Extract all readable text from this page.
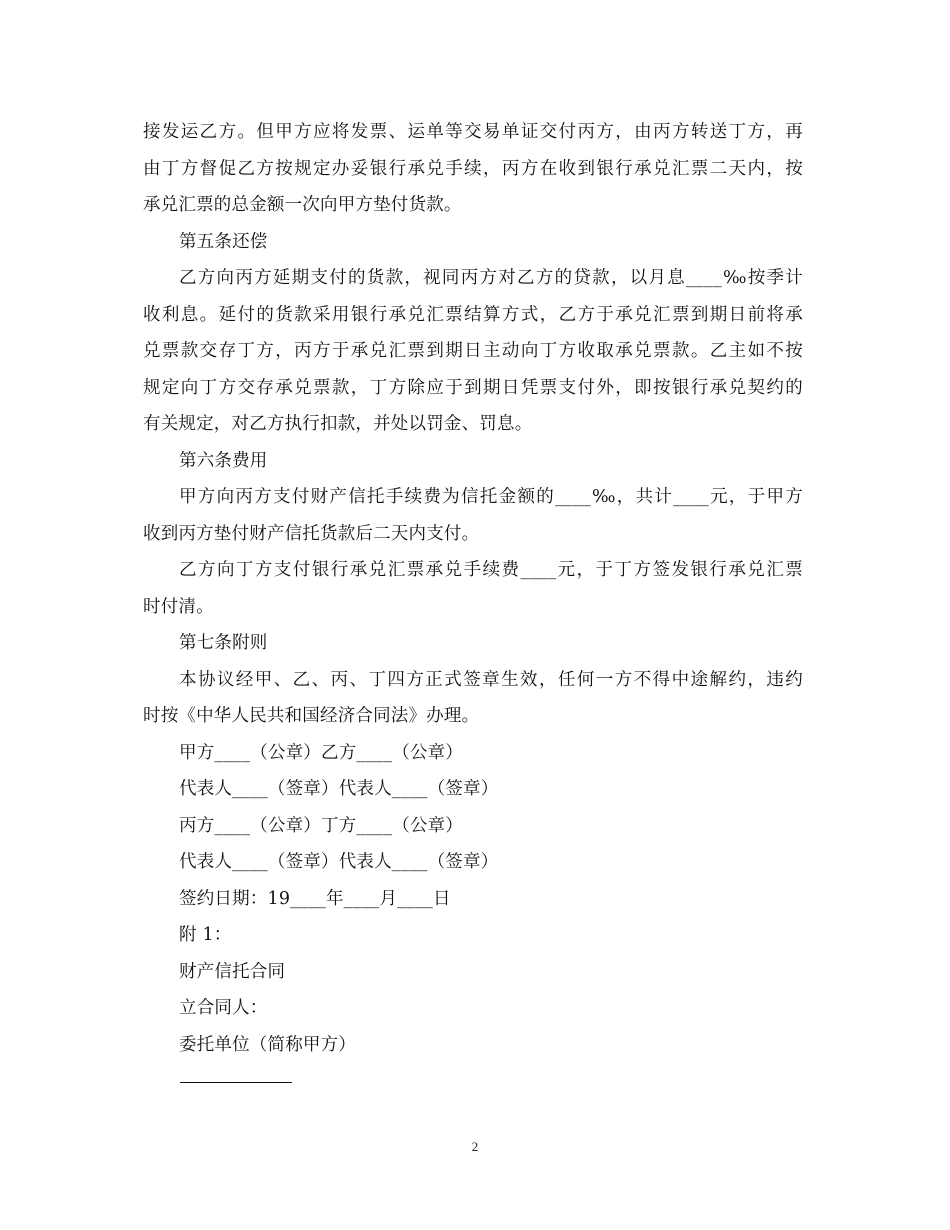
接发运乙方。但甲方应将发票、运单等交易单证交付丙方，由丙方转送丁方，再
由丁方督促乙方按规定办妥银行承兑手续，丙方在收到银行承兑汇票二天内，按
承兑汇票的总金额一次向甲方垫付货款。
第五条还偿
乙方向丙方延期支付的货款，视同丙方对乙方的贷款，以月息____‰按季计
收利息。延付的货款采用银行承兑汇票结算方式，乙方于承兑汇票到期日前将承
兑票款交存丁方，丙方于承兑汇票到期日主动向丁方收取承兑票款。乙主如不按
规定向丁方交存承兑票款，丁方除应于到期日凭票支付外，即按银行承兑契约的
有关规定，对乙方执行扣款，并处以罚金、罚息。
第六条费用
甲方向丙方支付财产信托手续费为信托金额的____‰，共计____元，于甲方
收到丙方垫付财产信托货款后二天内支付。
乙方向丁方支付银行承兑汇票承兑手续费____元，于丁方签发银行承兑汇票
时付清。
第七条附则
本协议经甲、乙、丙、丁四方正式签章生效，任何一方不得中途解约，违约
时按《中华人民共和国经济合同法》办理。
甲方____（公章）乙方____（公章）
代表人____（签章）代表人____（签章）
丙方____（公章）丁方____（公章）
代表人____（签章）代表人____（签章）
签约日期：19____年____月____日
附 1：
财产信托合同
立合同人：
委托单位（简称甲方）
2
